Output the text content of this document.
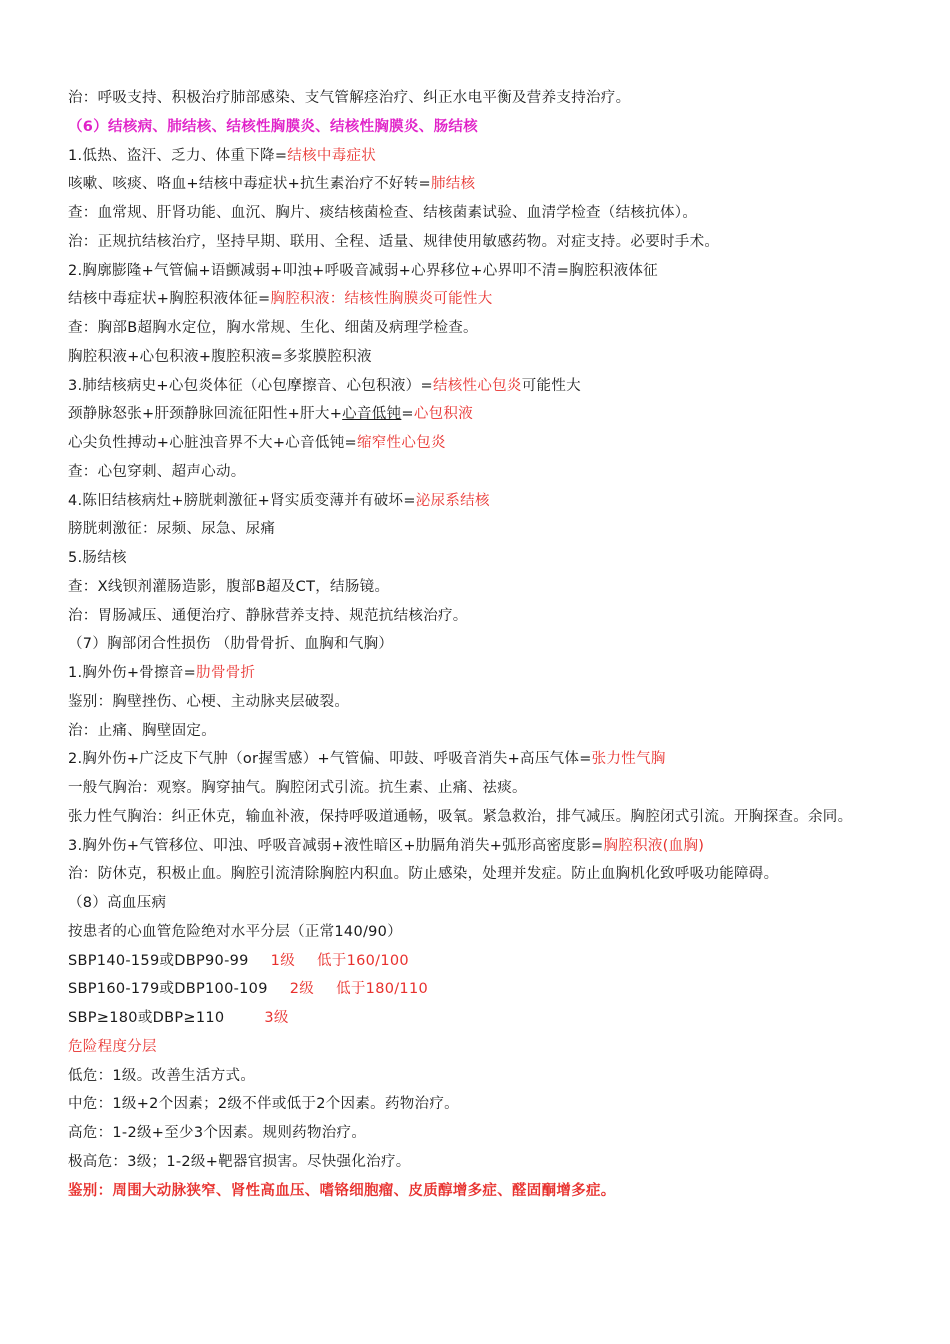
治：呼吸支持、积极治疗肺部感染、支气管解痉治疗、纠正水电平衡及营养支持治疗。
（6）结核病、肺结核、结核性胸膜炎、结核性胸膜炎、肠结核
1.低热、盗汗、乏力、体重下降=结核中毒症状
咳嗽、咳痰、咯血+结核中毒症状+抗生素治疗不好转=肺结核
查：血常规、肝肾功能、血沉、胸片、痰结核菌检查、结核菌素试验、血清学检查（结核抗体）。
治：正规抗结核治疗，坚持早期、联用、全程、适量、规律使用敏感药物。对症支持。必要时手术。
2.胸廓膨隆+气管偏+语颤减弱+叩浊+呼吸音减弱+心界移位+心界叩不清=胸腔积液体征
结核中毒症状+胸腔积液体征=胸腔积液：结核性胸膜炎可能性大
查：胸部B超胸水定位，胸水常规、生化、细菌及病理学检查。
胸腔积液+心包积液+腹腔积液=多浆膜腔积液
3.肺结核病史+心包炎体征（心包摩擦音、心包积液）=结核性心包炎可能性大
颈静脉怒张+肝颈静脉回流征阳性+肝大+心音低钝=心包积液
心尖负性搏动+心脏浊音界不大+心音低钝=缩窄性心包炎
查：心包穿刺、超声心动。
4.陈旧结核病灶+膀胱刺激征+肾实质变薄并有破坏=泌尿系结核
膀胱刺激征：尿频、尿急、尿痛
5.肠结核
查：X线钡剂灌肠造影，腹部B超及CT，结肠镜。
治：胃肠减压、通便治疗、静脉营养支持、规范抗结核治疗。
（7）胸部闭合性损伤 （肋骨骨折、血胸和气胸）
1.胸外伤+骨擦音=肋骨骨折
鉴别：胸壁挫伤、心梗、主动脉夹层破裂。
治：止痛、胸壁固定。
2.胸外伤+广泛皮下气肿（or握雪感）+气管偏、叩鼓、呼吸音消失+高压气体=张力性气胸
一般气胸治：观察。胸穿抽气。胸腔闭式引流。抗生素、止痛、祛痰。
张力性气胸治：纠正休克，输血补液，保持呼吸道通畅，吸氧。紧急救治，排气减压。胸腔闭式引流。开胸探查。余同。
3.胸外伤+气管移位、叩浊、呼吸音减弱+液性暗区+肋膈角消失+弧形高密度影=胸腔积液(血胸)
治：防休克，积极止血。胸腔引流清除胸腔内积血。防止感染，处理并发症。防止血胸机化致呼吸功能障碍。
（8）高血压病
按患者的心血管危险绝对水平分层（正常140/90）
SBP140-159或DBP90-99 1级 低于160/100
SBP160-179或DBP100-109 2级 低于180/110
SBP≥180或DBP≥110	3级
危险程度分层
低危：1级。改善生活方式。
中危：1级+2个因素；2级不伴或低于2个因素。药物治疗。
高危：1-2级+至少3个因素。规则药物治疗。
极高危：3级；1-2级+靶器官损害。尽快强化治疗。
鉴别：周围大动脉狭窄、肾性高血压、嗜铬细胞瘤、皮质醇增多症、醛固酮增多症。
